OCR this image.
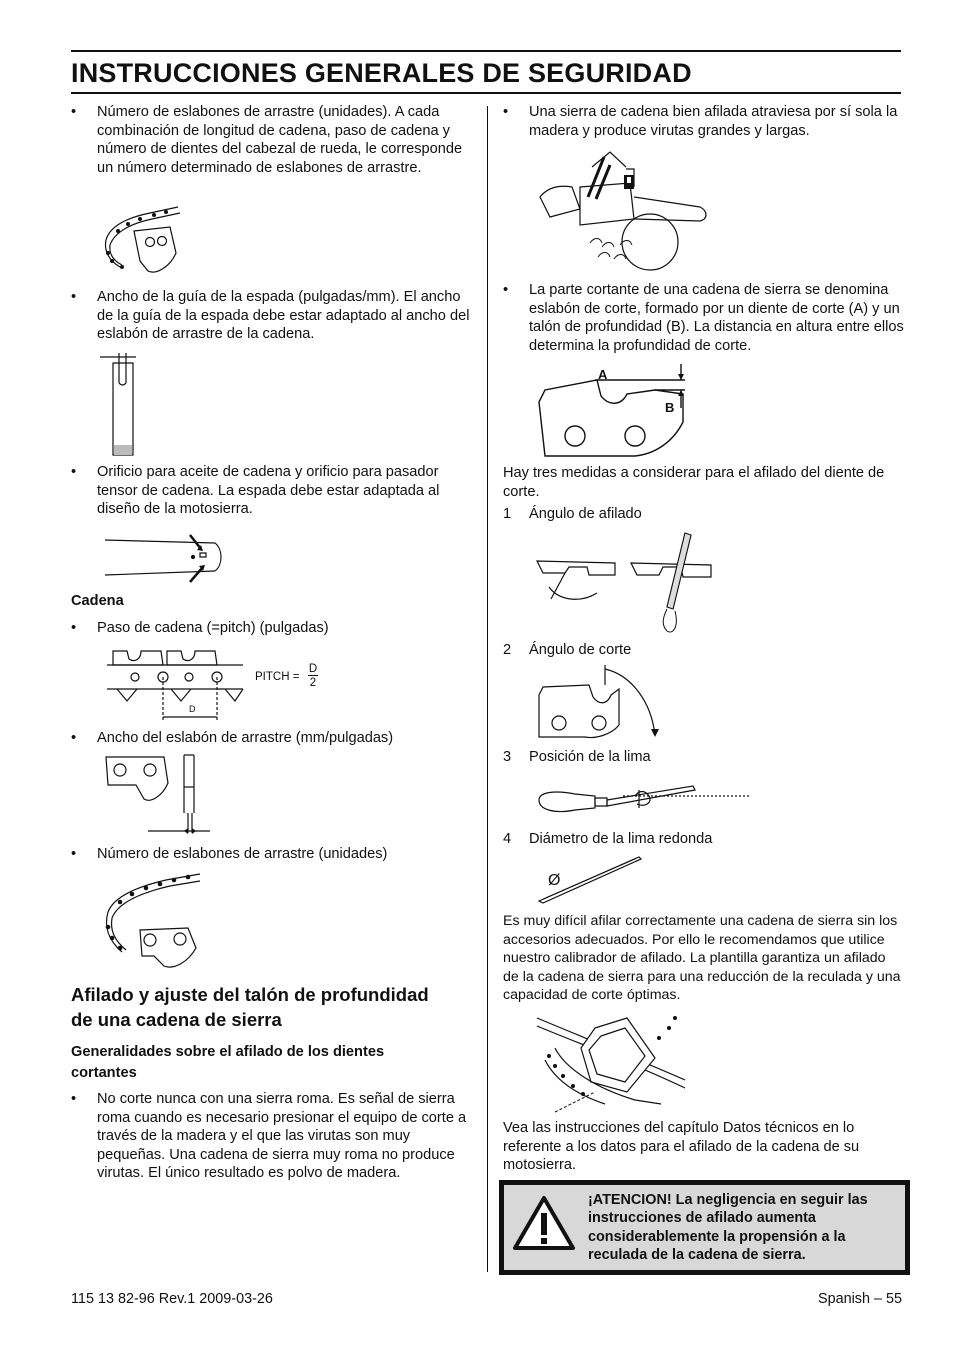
INSTRUCCIONES GENERALES DE SEGURIDAD
• Número de eslabones de arrastre (unidades). A cada combinación de longitud de cadena, paso de cadena y número de dientes del cabezal de rueda, le corresponde un número determinado de eslabones de arrastre.
• Ancho de la guía de la espada (pulgadas/mm). El ancho de la guía de la espada debe estar adaptado al ancho del eslabón de arrastre de la cadena.
• Orificio para aceite de cadena y orificio para pasador tensor de cadena. La espada debe estar adaptada al diseño de la motosierra.
Cadena
• Paso de cadena (=pitch) (pulgadas)
D
PITCH =
D
2
• Ancho del eslabón de arrastre (mm/pulgadas)
• Número de eslabones de arrastre (unidades)
Afilado y ajuste del talón de profundidad
de una cadena de sierra
Generalidades sobre el afilado de los dientes
cortantes
• No corte nunca con una sierra roma. Es señal de sierra roma cuando es necesario presionar el equipo de corte a través de la madera y el que las virutas son muy pequeñas. Una cadena de sierra muy roma no produce virutas. El único resultado es polvo de madera.
• Una sierra de cadena bien afilada atraviesa por sí sola la madera y produce virutas grandes y largas.
• La parte cortante de una cadena de sierra se denomina eslabón de corte, formado por un diente de corte (A) y un talón de profundidad (B). La distancia en altura entre ellos determina la profundidad de corte.
A
B
Hay tres medidas a considerar para el afilado del diente de corte.
1 Ángulo de afilado
2 Ángulo de corte
3 Posición de la lima
4 Diámetro de la lima redonda
Ø
Es muy difícil afilar correctamente una cadena de sierra sin los accesorios adecuados. Por ello le recomendamos que utilice nuestro calibrador de afilado. La plantilla garantiza un afilado de la cadena de sierra para una reducción de la reculada y una capacidad de corte óptimas.
Vea las instrucciones del capítulo Datos técnicos en lo referente a los datos para el afilado de la cadena de su motosierra.
¡ATENCION! La negligencia en seguir las instrucciones de afilado aumenta considerablemente la propensión a la reculada de la cadena de sierra.
115 13 82-96 Rev.1 2009-03-26	Spanish – 55
